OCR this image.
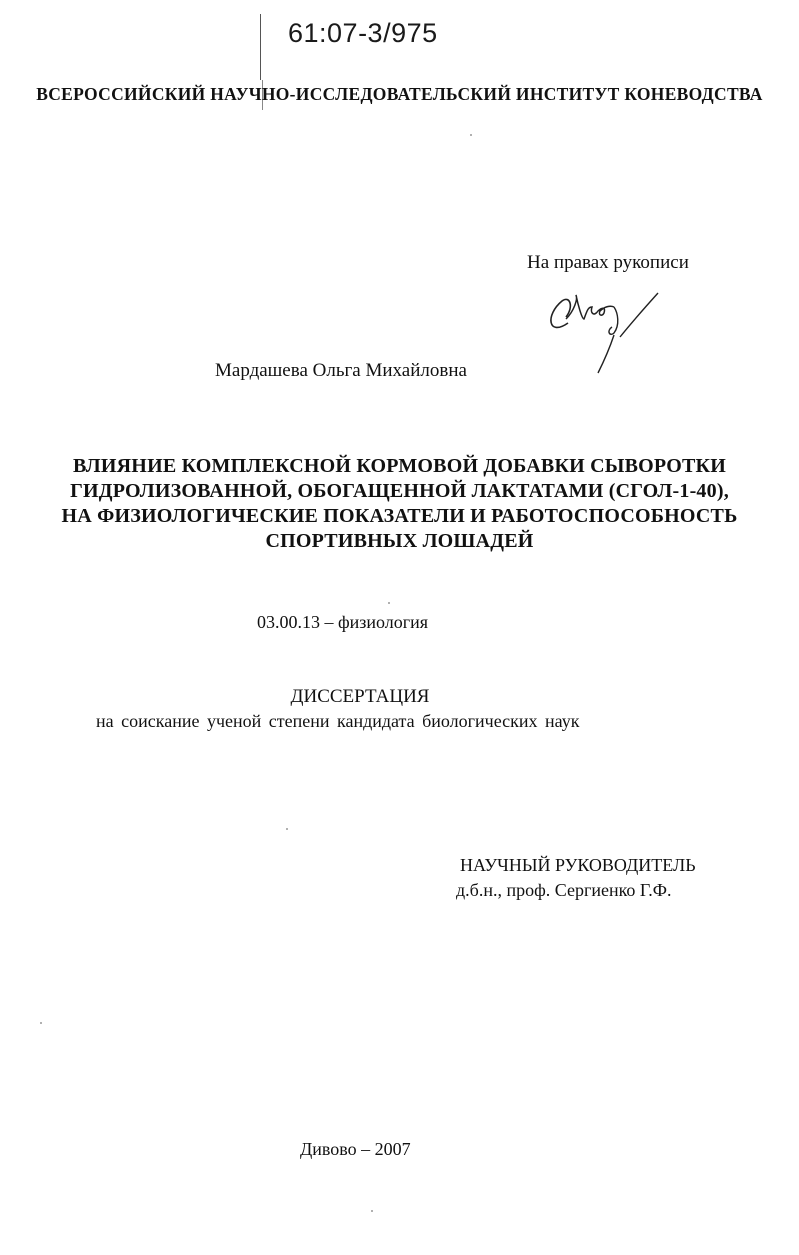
61:07-3/975
ВСЕРОССИЙСКИЙ НАУЧНО-ИССЛЕДОВАТЕЛЬСКИЙ ИНСТИТУТ КОНЕВОДСТВА
На правах рукописи
Мардашева Ольга Михайловна
ВЛИЯНИЕ КОМПЛЕКСНОЙ КОРМОВОЙ ДОБАВКИ СЫВОРОТКИ
ГИДРОЛИЗОВАННОЙ, ОБОГАЩЕННОЙ ЛАКТАТАМИ (СГОЛ-1-40),
НА ФИЗИОЛОГИЧЕСКИЕ ПОКАЗАТЕЛИ И РАБОТОСПОСОБНОСТЬ
СПОРТИВНЫХ ЛОШАДЕЙ
03.00.13 – физиология
ДИССЕРТАЦИЯ
на соискание ученой степени кандидата биологических наук
НАУЧНЫЙ РУКОВОДИТЕЛЬ
д.б.н., проф. Сергиенко Г.Ф.
Дивово – 2007
